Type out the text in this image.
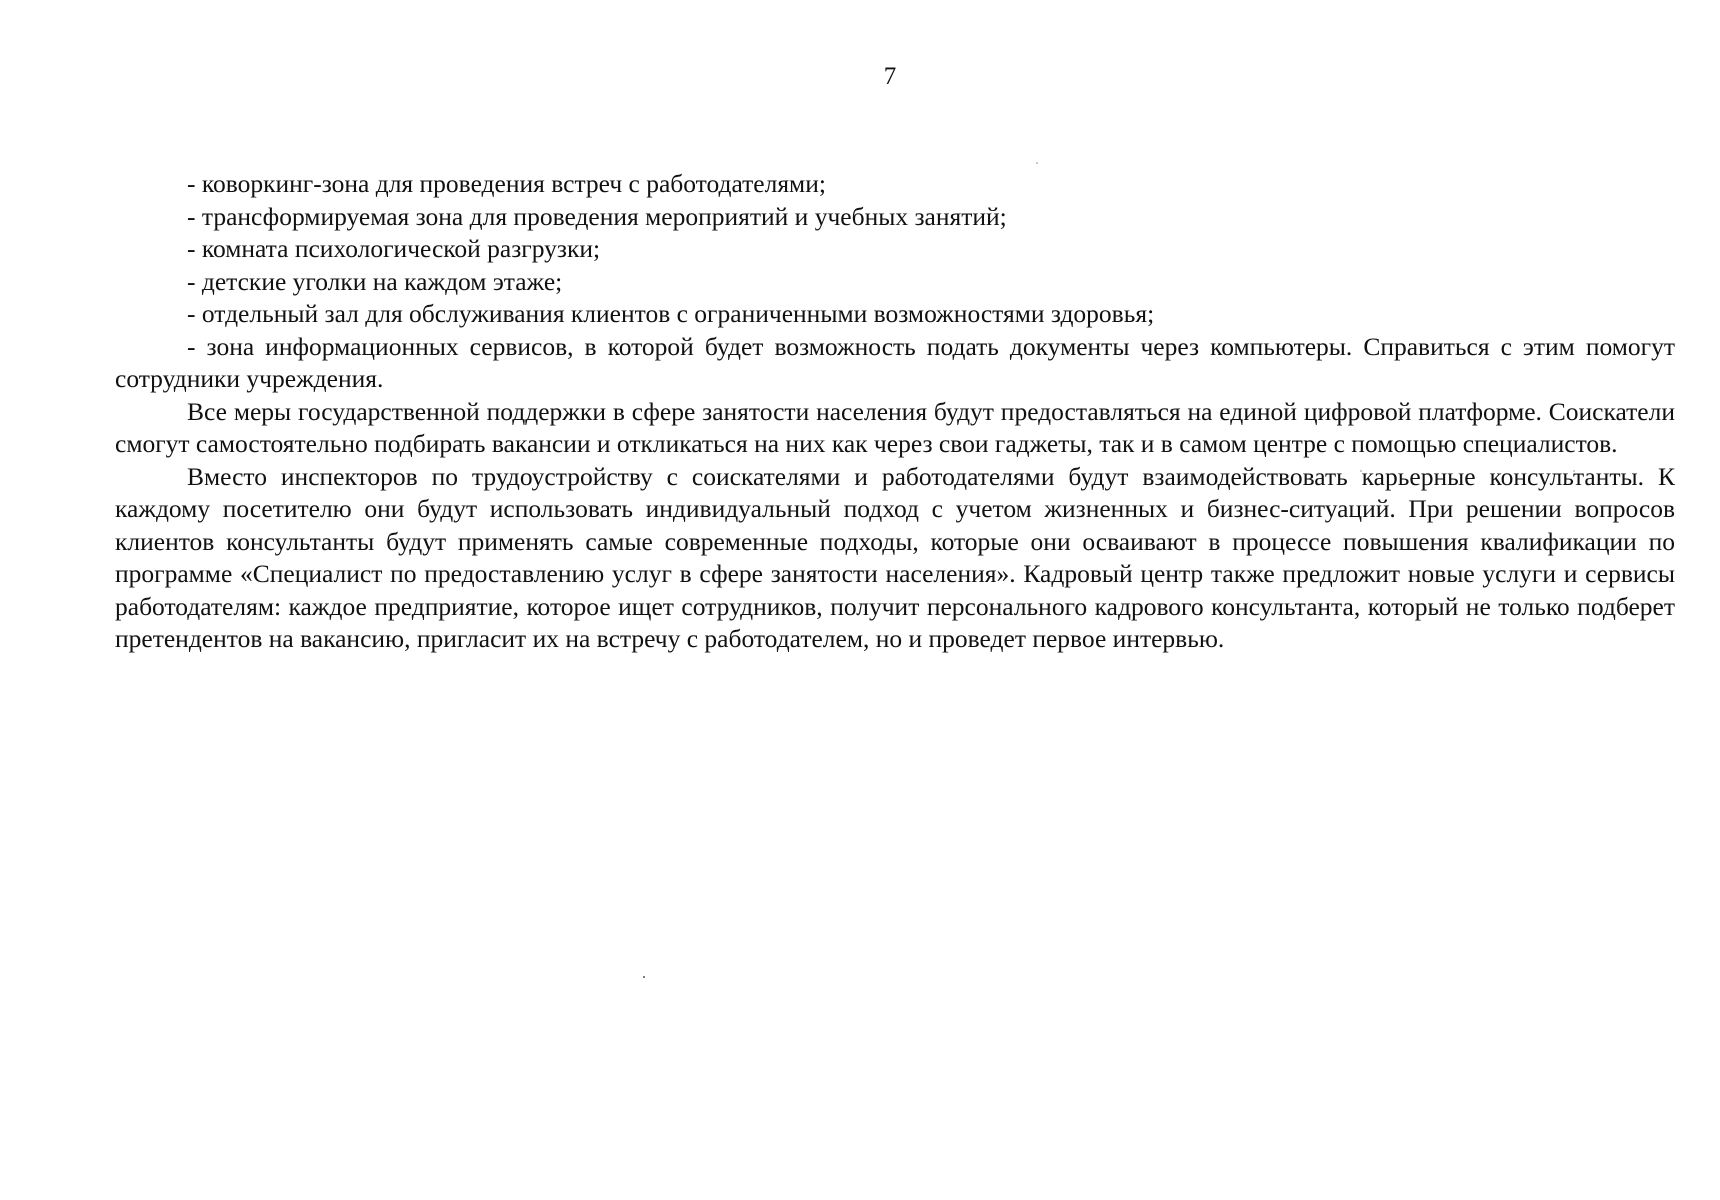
7

- коворкинг-зона для проведения встреч с работодателями;

- трансформируемая зона для проведения мероприятий и учебных занятий;

- комната психологической разгрузки;

- детские уголки на каждом этаже;

- отдельный зал для обслуживания клиентов с ограниченными возможностями здоровья;

- зона информационных сервисов, в которой будет возможность подать документы через компьютеры. Справиться с этим помогут сотрудники учреждения.

Все меры государственной поддержки в сфере занятости населения будут предоставляться на единой цифровой платформе. Соискатели смогут самостоятельно подбирать вакансии и откликаться на них как через свои гаджеты, так и в самом центре с помощью специалистов.

Вместо инспекторов по трудоустройству с соискателями и работодателями будут взаимодействовать карьерные консультанты. К каждому посетителю они будут использовать индивидуальный подход с учетом жизненных и бизнес-ситуаций. При решении вопросов клиентов консультанты будут применять самые современные подходы, которые они осваивают в процессе повышения квалификации по программе «Специалист по предоставлению услуг в сфере занятости населения». Кадровый центр также предложит новые услуги и сервисы работодателям: каждое предприятие, которое ищет сотрудников, получит персонального кадрового консультанта, который не только подберет претендентов на вакансию, пригласит их на встречу с работодателем, но и проведет первое интервью.
